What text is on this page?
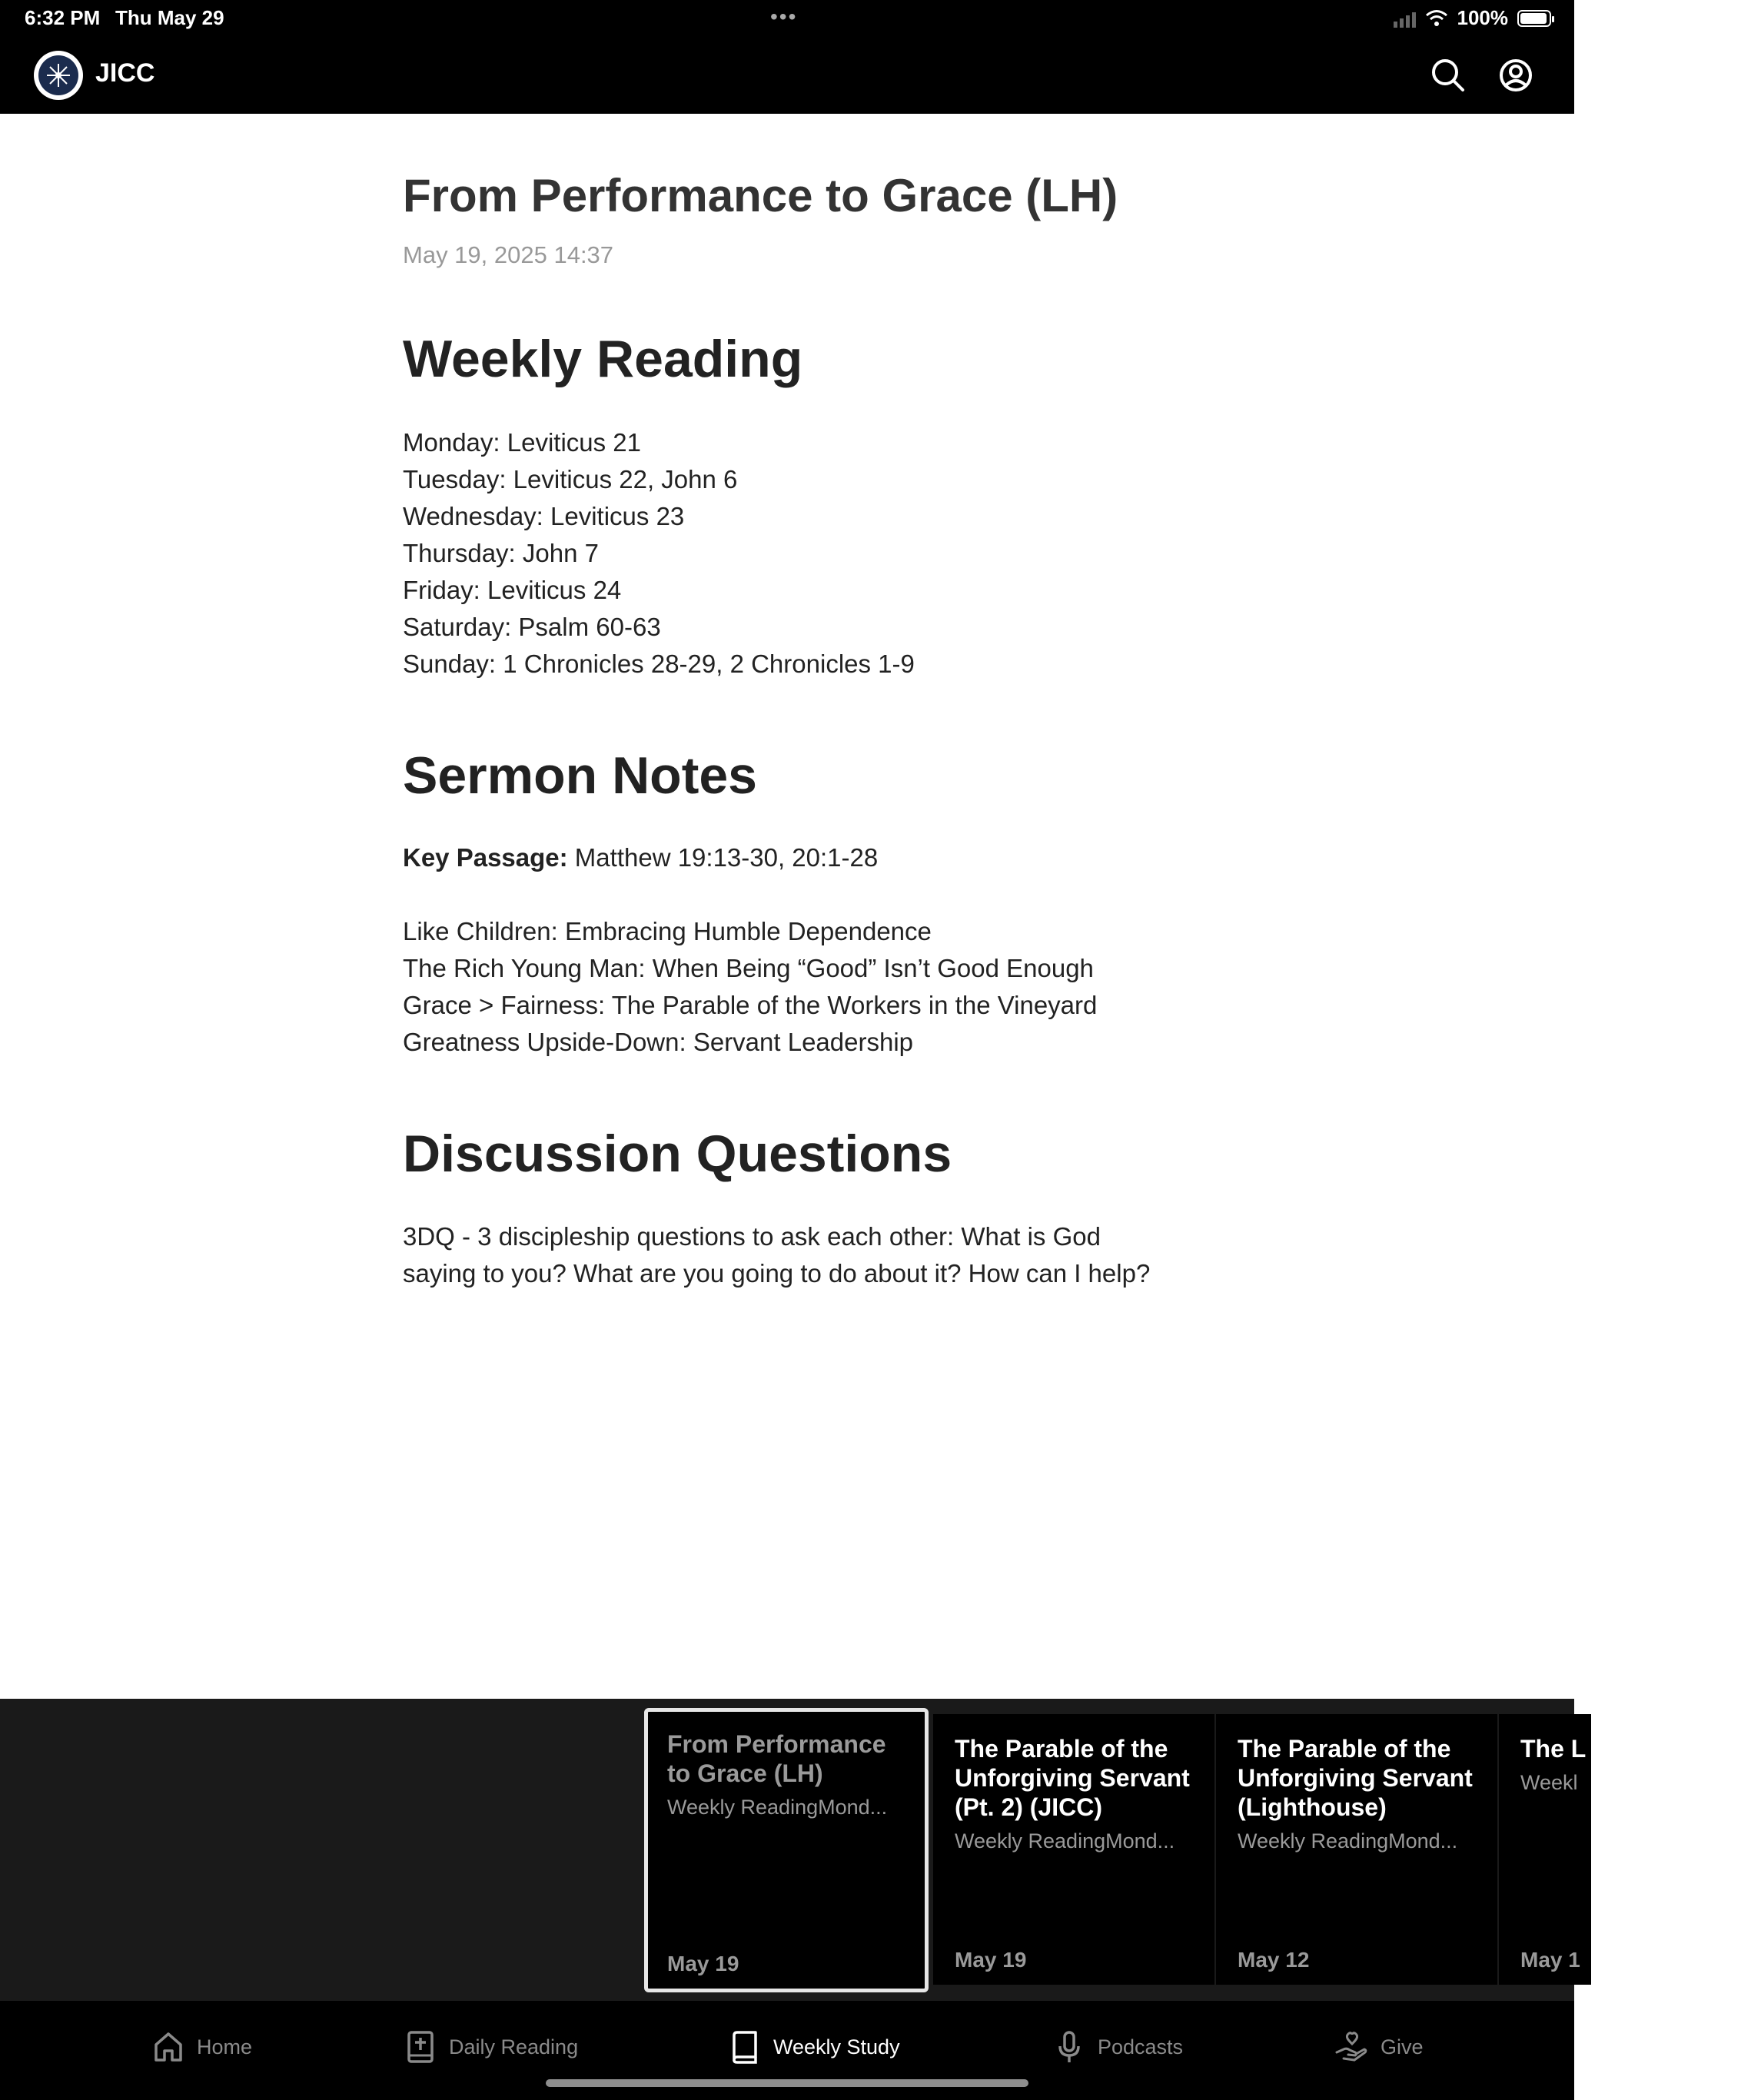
6:32 PM Thu May 29	•••	100%
JICC
From Performance to Grace (LH)
May 19, 2025 14:37
Weekly Reading
Monday: Leviticus 21
Tuesday: Leviticus 22, John 6
Wednesday: Leviticus 23
Thursday: John 7
Friday: Leviticus 24
Saturday: Psalm 60-63
Sunday: 1 Chronicles 28-29, 2 Chronicles 1-9
Sermon Notes
Key Passage: Matthew 19:13-30, 20:1-28
Like Children: Embracing Humble Dependence
The Rich Young Man: When Being “Good” Isn’t Good Enough
Grace > Fairness: The Parable of the Workers in the Vineyard
Greatness Upside-Down: Servant Leadership
Discussion Questions
3DQ - 3 discipleship questions to ask each other: What is God saying to you? What are you going to do about it? How can I help?
From Performance to Grace (LH)
Weekly ReadingMond...
May 19
The Parable of the Unforgiving Servant (Pt. 2) (JICC)
Weekly ReadingMond...
May 19
The Parable of the Unforgiving Servant (Lighthouse)
Weekly ReadingMond...
May 12
The L (JICC
Weekl
May 1
Home	Daily Reading	Weekly Study	Podcasts	Give
